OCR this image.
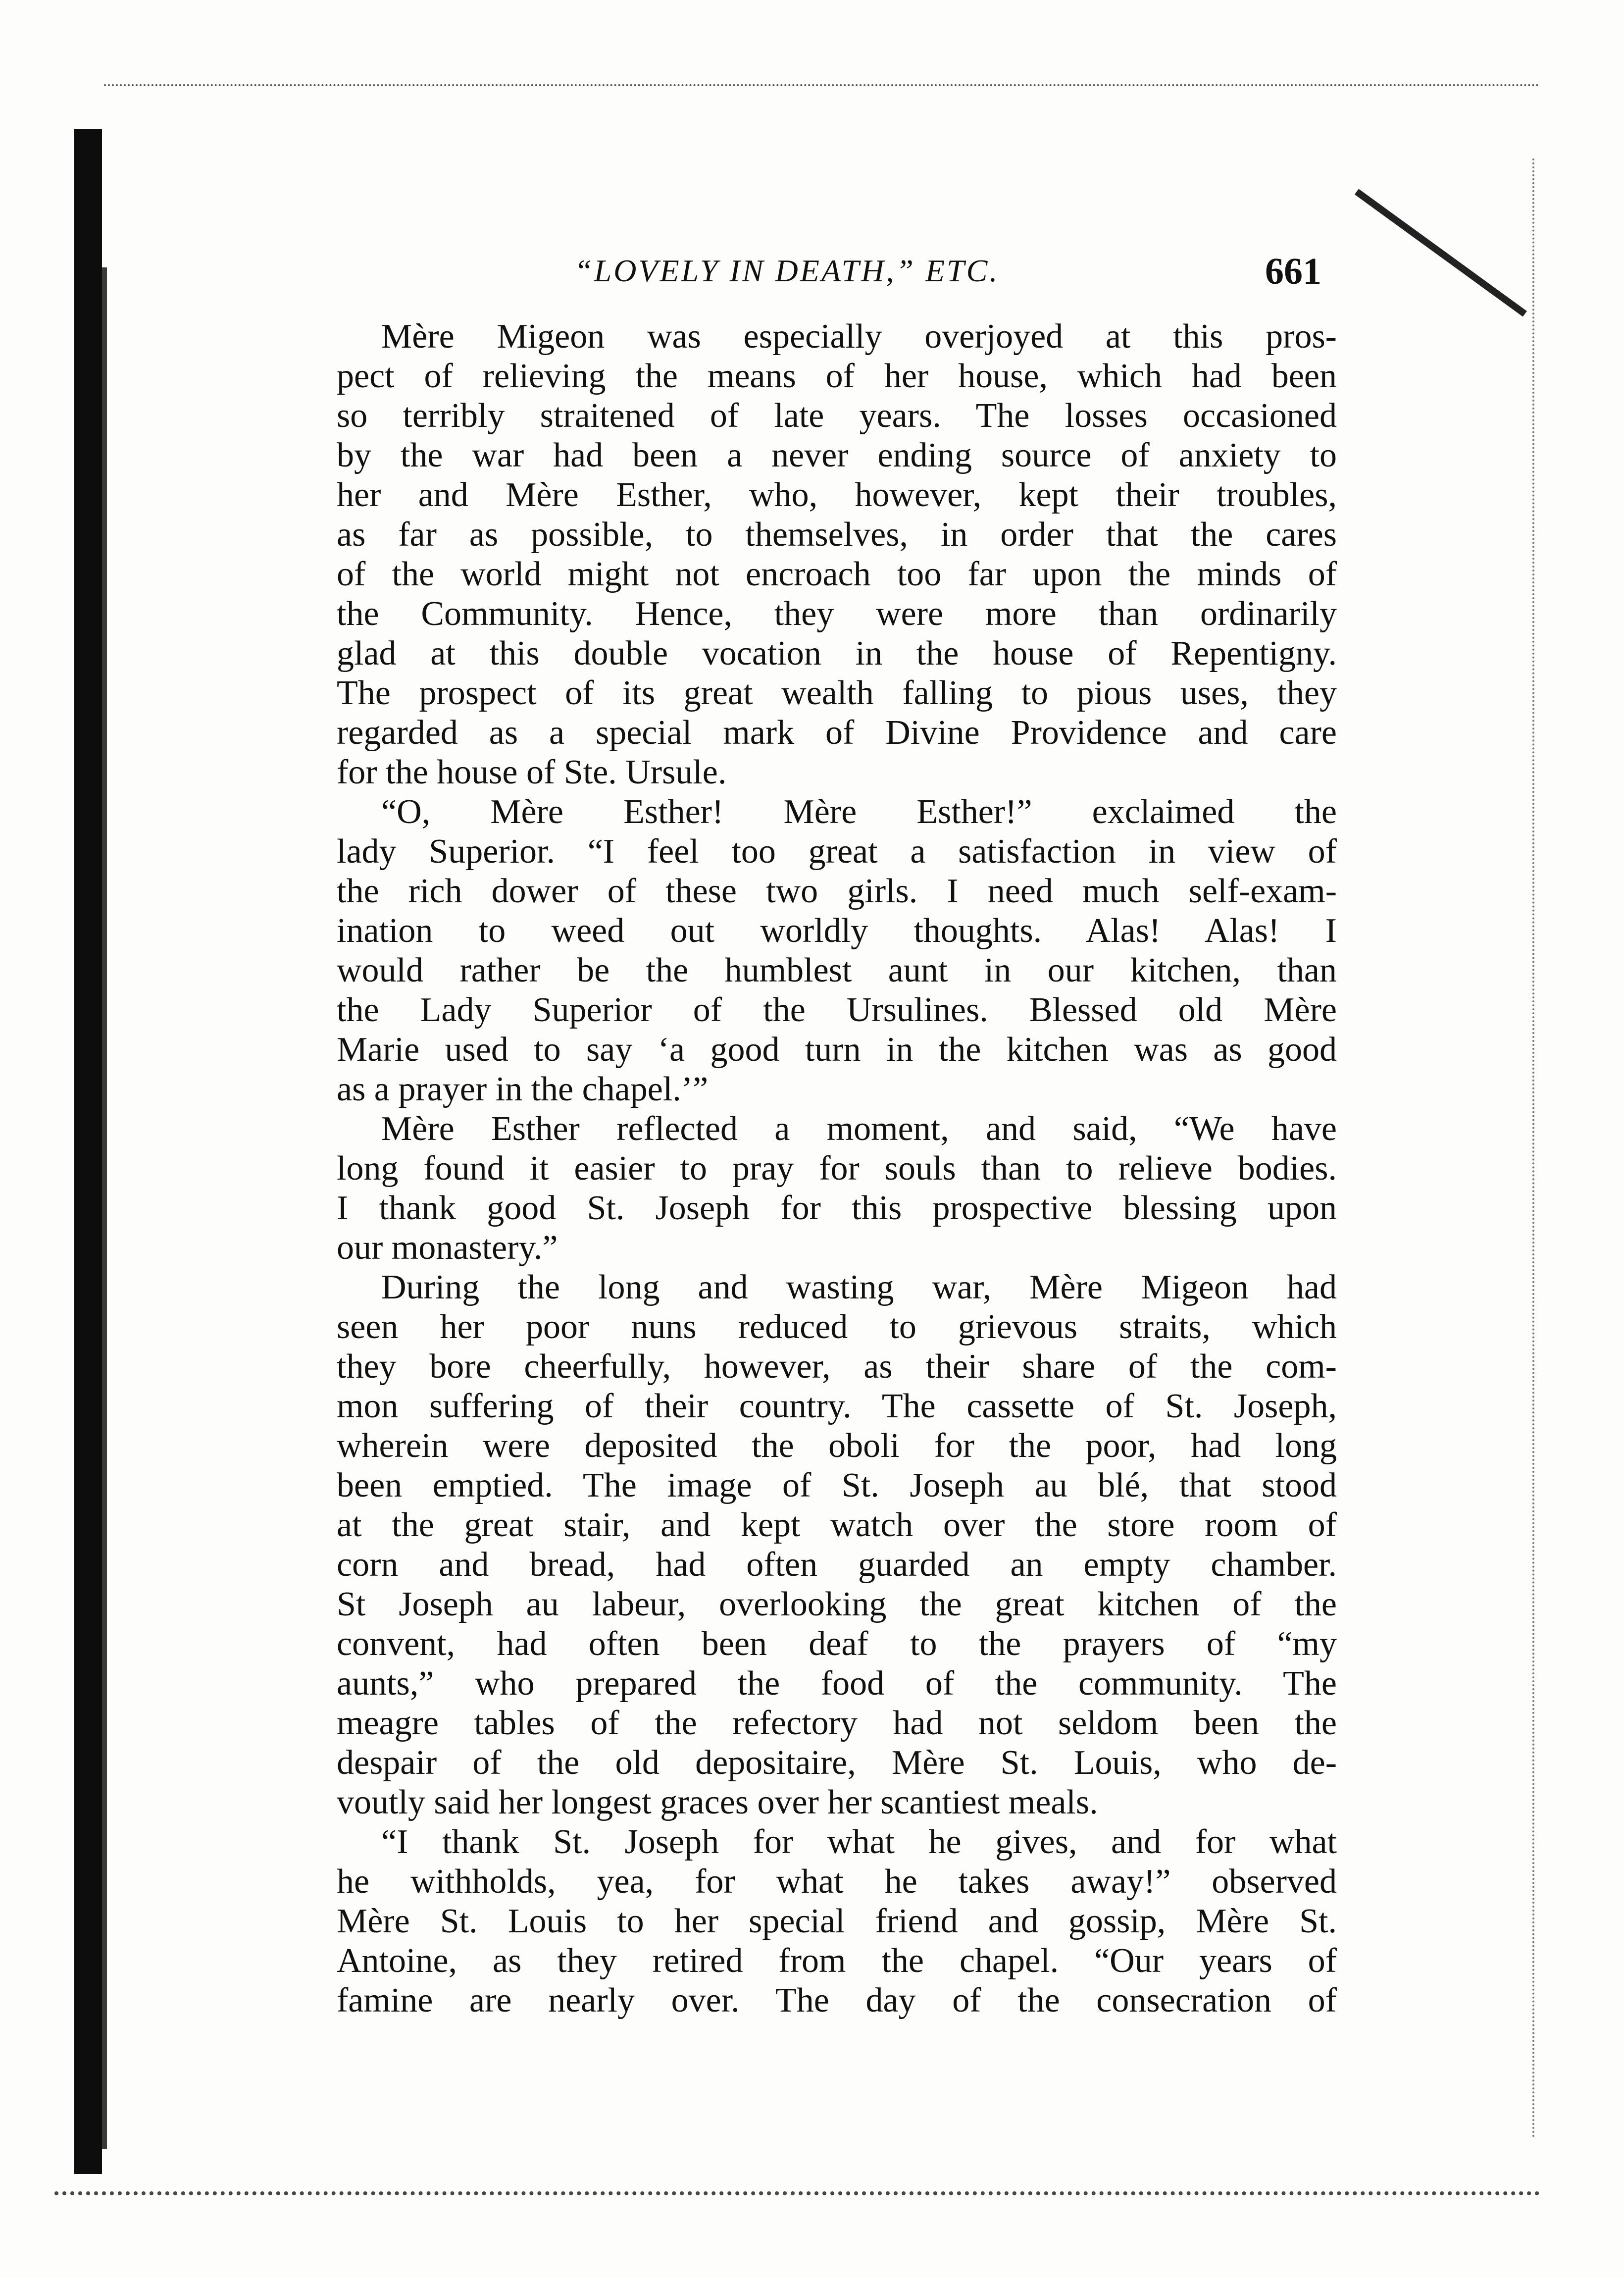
“LOVELY IN DEATH,” ETC.	661
Mère Migeon was especially overjoyed at this pros-
pect of relieving the means of her house, which had been
so terribly straitened of late years. The losses occasioned
by the war had been a never ending source of anxiety to
her and Mère Esther, who, however, kept their troubles,
as far as possible, to themselves, in order that the cares
of the world might not encroach too far upon the minds of
the Community. Hence, they were more than ordinarily
glad at this double vocation in the house of Repentigny.
The prospect of its great wealth falling to pious uses, they
regarded as a special mark of Divine Providence and care
for the house of Ste. Ursule.
“O, Mère Esther! Mère Esther!” exclaimed the
lady Superior. “I feel too great a satisfaction in view of
the rich dower of these two girls. I need much self-exam-
ination to weed out worldly thoughts. Alas! Alas! I
would rather be the humblest aunt in our kitchen, than
the Lady Superior of the Ursulines. Blessed old Mère
Marie used to say ‘a good turn in the kitchen was as good
as a prayer in the chapel.’”
Mère Esther reflected a moment, and said, “We have
long found it easier to pray for souls than to relieve bodies.
I thank good St. Joseph for this prospective blessing upon
our monastery.”
During the long and wasting war, Mère Migeon had
seen her poor nuns reduced to grievous straits, which
they bore cheerfully, however, as their share of the com-
mon suffering of their country. The cassette of St. Joseph,
wherein were deposited the oboli for the poor, had long
been emptied. The image of St. Joseph au blé, that stood
at the great stair, and kept watch over the store room of
corn and bread, had often guarded an empty chamber.
St Joseph au labeur, overlooking the great kitchen of the
convent, had often been deaf to the prayers of “my
aunts,” who prepared the food of the community. The
meagre tables of the refectory had not seldom been the
despair of the old depositaire, Mère St. Louis, who de-
voutly said her longest graces over her scantiest meals.
“I thank St. Joseph for what he gives, and for what
he withholds, yea, for what he takes away!” observed
Mère St. Louis to her special friend and gossip, Mère St.
Antoine, as they retired from the chapel. “Our years of
famine are nearly over. The day of the consecration of
